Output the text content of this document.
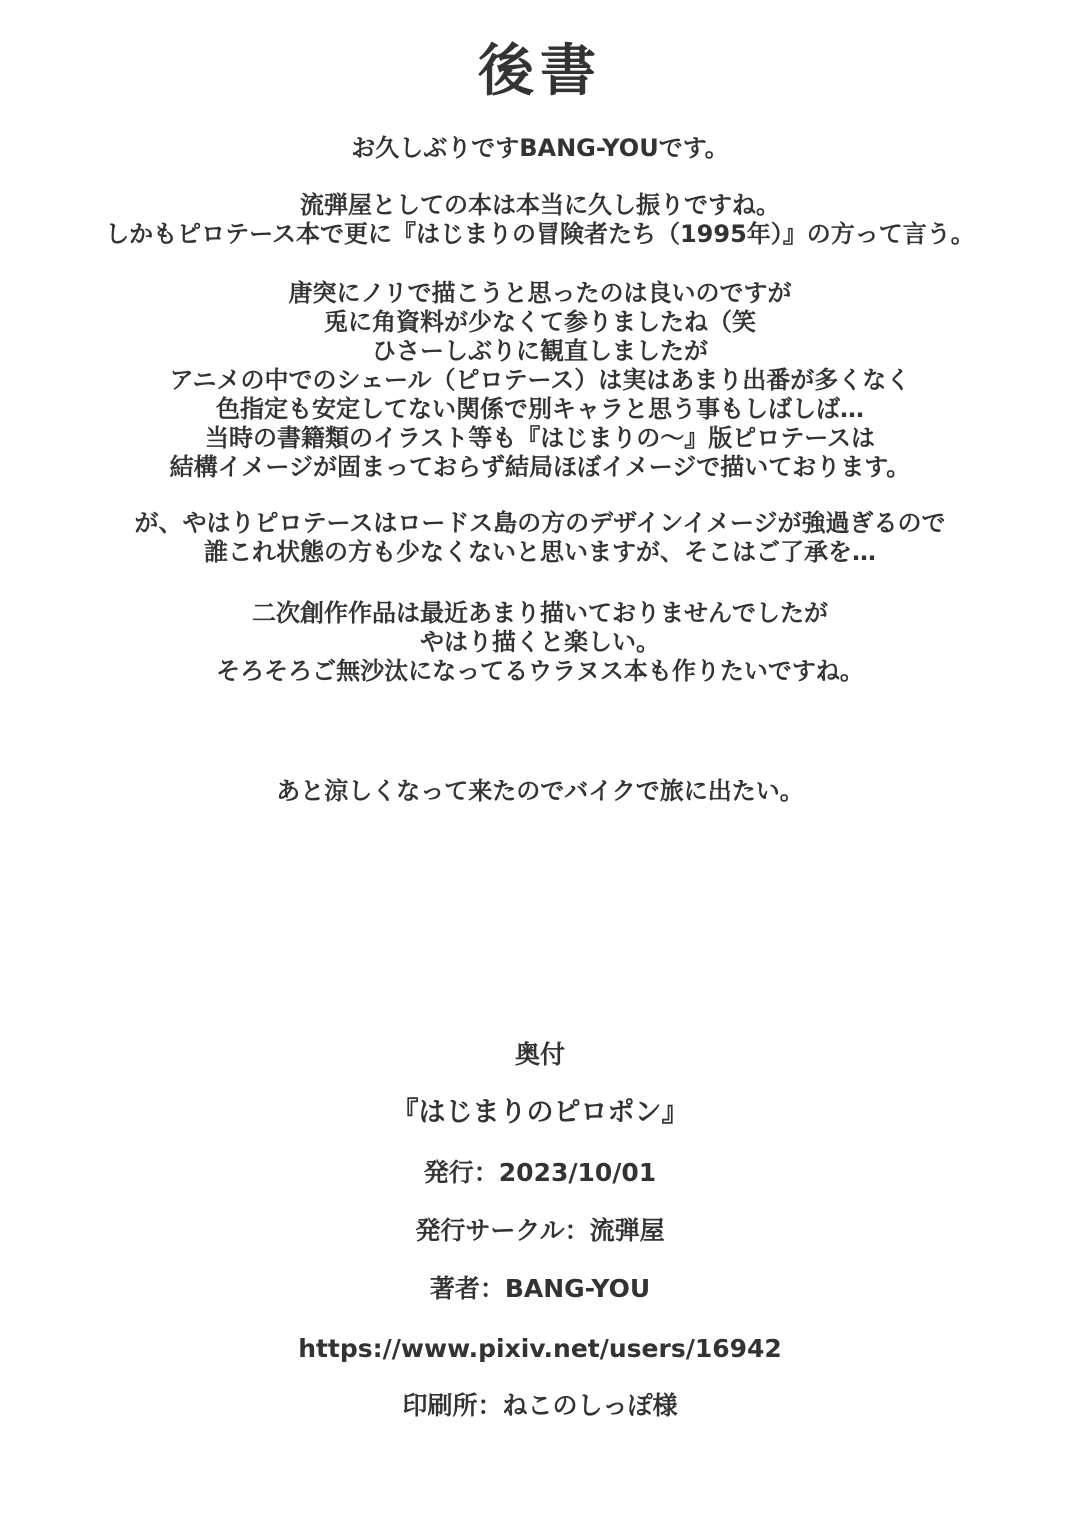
後書
お久しぶりですBANG-YOUです。
流弾屋としての本は本当に久し振りですね。
しかもピロテース本で更に『はじまりの冒険者たち（1995年）』の方って言う。
唐突にノリで描こうと思ったのは良いのですが
兎に角資料が少なくて参りましたね（笑
ひさーしぶりに観直しましたが
アニメの中でのシェール（ピロテース）は実はあまり出番が多くなく
色指定も安定してない関係で別キャラと思う事もしばしば…
当時の書籍類のイラスト等も『はじまりの～』版ピロテースは
結構イメージが固まっておらず結局ほぼイメージで描いております。
が、やはりピロテースはロードス島の方のデザインイメージが強過ぎるので
誰これ状態の方も少なくないと思いますが、そこはご了承を…
二次創作作品は最近あまり描いておりませんでしたが
やはり描くと楽しい。
そろそろご無沙汰になってるウラヌス本も作りたいですね。
あと涼しくなって来たのでバイクで旅に出たい。
奥付
『はじまりのピロポン』
発行：2023/10/01
発行サークル：流弾屋
著者：BANG-YOU
https://www.pixiv.net/users/16942
印刷所：ねこのしっぽ様
